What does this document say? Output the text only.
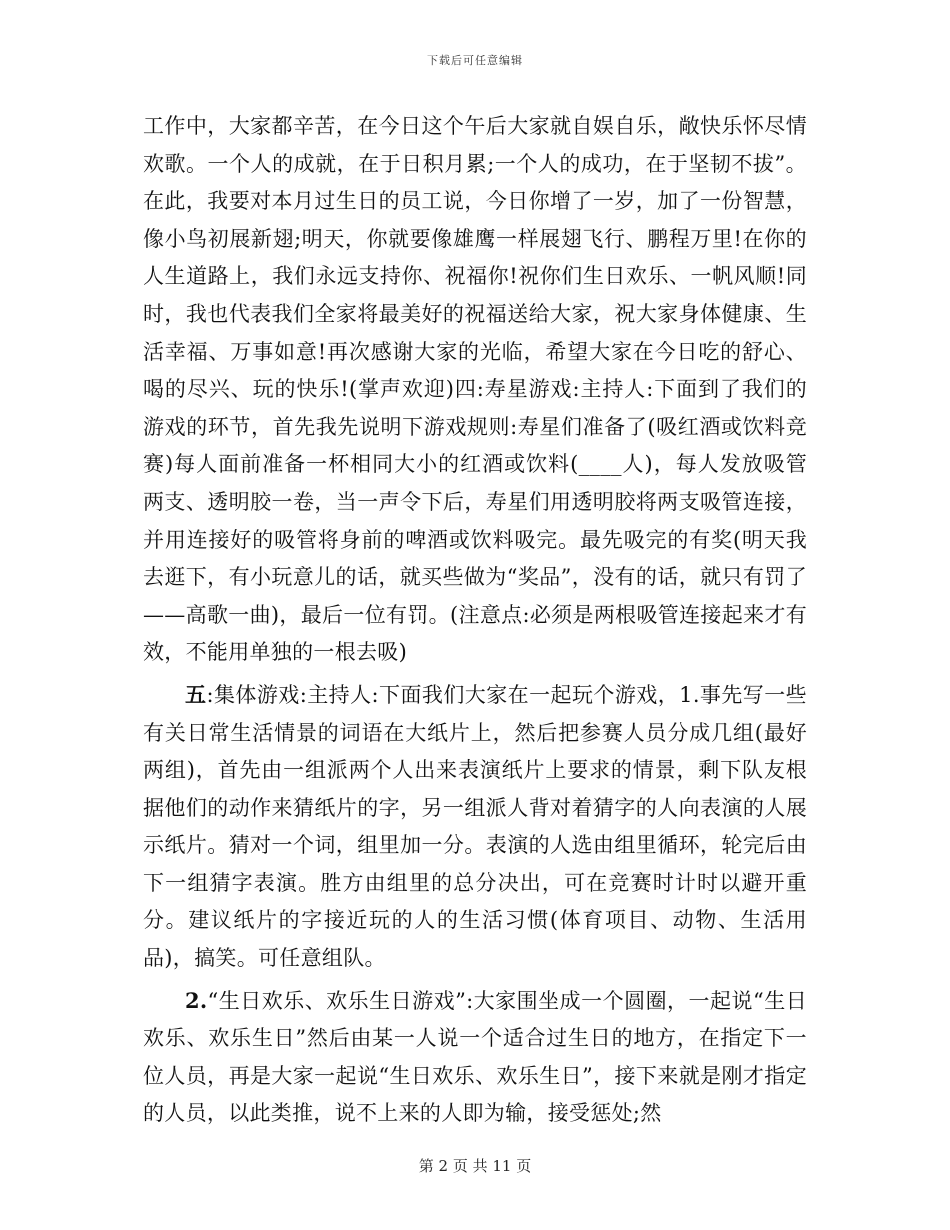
下载后可任意编辑

工作中，大家都辛苦，在今日这个午后大家就自娱自乐，敞快乐怀尽情欢歌。一个人的成就，在于日积月累;一个人的成功，在于坚韧不拔”。在此，我要对本月过生日的员工说，今日你增了一岁，加了一份智慧，像小鸟初展新翅;明天，你就要像雄鹰一样展翅飞行、鹏程万里!在你的人生道路上，我们永远支持你、祝福你!祝你们生日欢乐、一帆风顺!同时，我也代表我们全家将最美好的祝福送给大家，祝大家身体健康、生活幸福、万事如意!再次感谢大家的光临，希望大家在今日吃的舒心、喝的尽兴、玩的快乐!(掌声欢迎)四:寿星游戏:主持人:下面到了我们的游戏的环节，首先我先说明下游戏规则:寿星们准备了(吸红酒或饮料竞赛)每人面前准备一杯相同大小的红酒或饮料(____人)，每人发放吸管两支、透明胶一卷，当一声令下后，寿星们用透明胶将两支吸管连接，并用连接好的吸管将身前的啤酒或饮料吸完。最先吸完的有奖(明天我去逛下，有小玩意儿的话，就买些做为“奖品”，没有的话，就只有罚了——高歌一曲)，最后一位有罚。(注意点:必须是两根吸管连接起来才有效，不能用单独的一根去吸)

五:集体游戏:主持人:下面我们大家在一起玩个游戏，1.事先写一些有关日常生活情景的词语在大纸片上，然后把参赛人员分成几组(最好两组)，首先由一组派两个人出来表演纸片上要求的情景，剩下队友根据他们的动作来猜纸片的字，另一组派人背对着猜字的人向表演的人展示纸片。猜对一个词，组里加一分。表演的人选由组里循环，轮完后由下一组猜字表演。胜方由组里的总分决出，可在竞赛时计时以避开重分。建议纸片的字接近玩的人的生活习惯(体育项目、动物、生活用品)，搞笑。可任意组队。

2.“生日欢乐、欢乐生日游戏”:大家围坐成一个圆圈，一起说“生日欢乐、欢乐生日”然后由某一人说一个适合过生日的地方，在指定下一位人员，再是大家一起说“生日欢乐、欢乐生日”，接下来就是刚才指定的人员，以此类推，说不上来的人即为输，接受惩处;然

第 2 页 共 11 页
